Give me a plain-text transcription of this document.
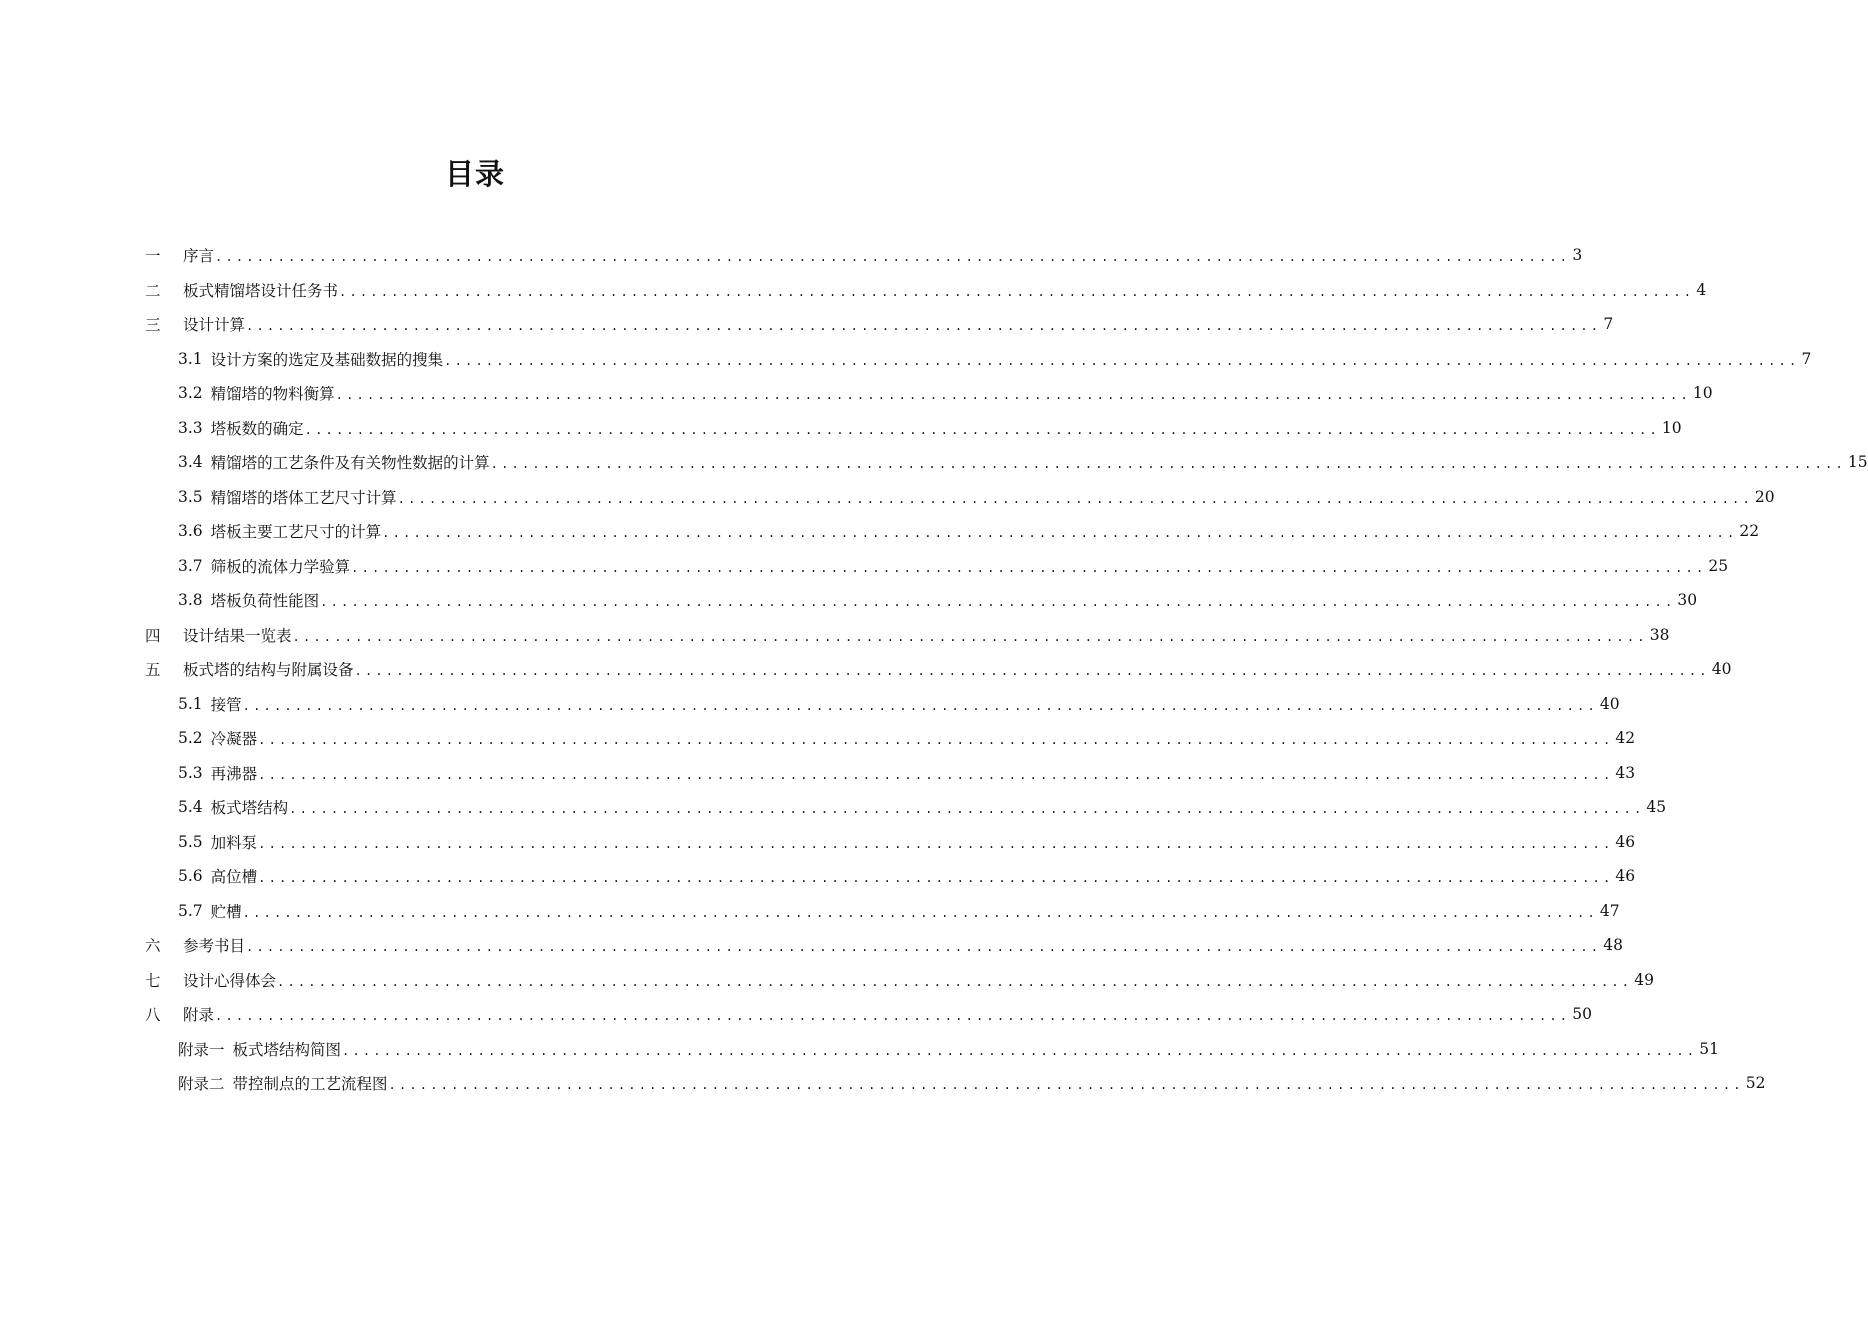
目录
一	序言 .................................................................................................................................. 3
二	板式精馏塔设计任务书 .................................................................................................................................. 4
三	设计计算 .................................................................................................................................. 7
3.1 设计方案的选定及基础数据的搜集 .................................................................................................................................. 7
3.2 精馏塔的物料衡算 .................................................................................................................................. 10
3.3 塔板数的确定 .................................................................................................................................. 10
3.4 精馏塔的工艺条件及有关物性数据的计算 .................................................................................................................................. 15
3.5 精馏塔的塔体工艺尺寸计算 .................................................................................................................................. 20
3.6 塔板主要工艺尺寸的计算 .................................................................................................................................. 22
3.7 筛板的流体力学验算 .................................................................................................................................. 25
3.8 塔板负荷性能图 .................................................................................................................................. 30
四	设计结果一览表 .................................................................................................................................. 38
五	板式塔的结构与附属设备 .................................................................................................................................. 40
5.1 接管 .................................................................................................................................. 40
5.2 冷凝器 .................................................................................................................................. 42
5.3 再沸器 .................................................................................................................................. 43
5.4 板式塔结构 .................................................................................................................................. 45
5.5 加料泵 .................................................................................................................................. 46
5.6 高位槽 .................................................................................................................................. 46
5.7 贮槽 .................................................................................................................................. 47
六	参考书目 .................................................................................................................................. 48
七	设计心得体会 .................................................................................................................................. 49
八	附录 .................................................................................................................................. 50
附录一 板式塔结构简图 .................................................................................................................................. 51
附录二 带控制点的工艺流程图 .................................................................................................................................. 52
